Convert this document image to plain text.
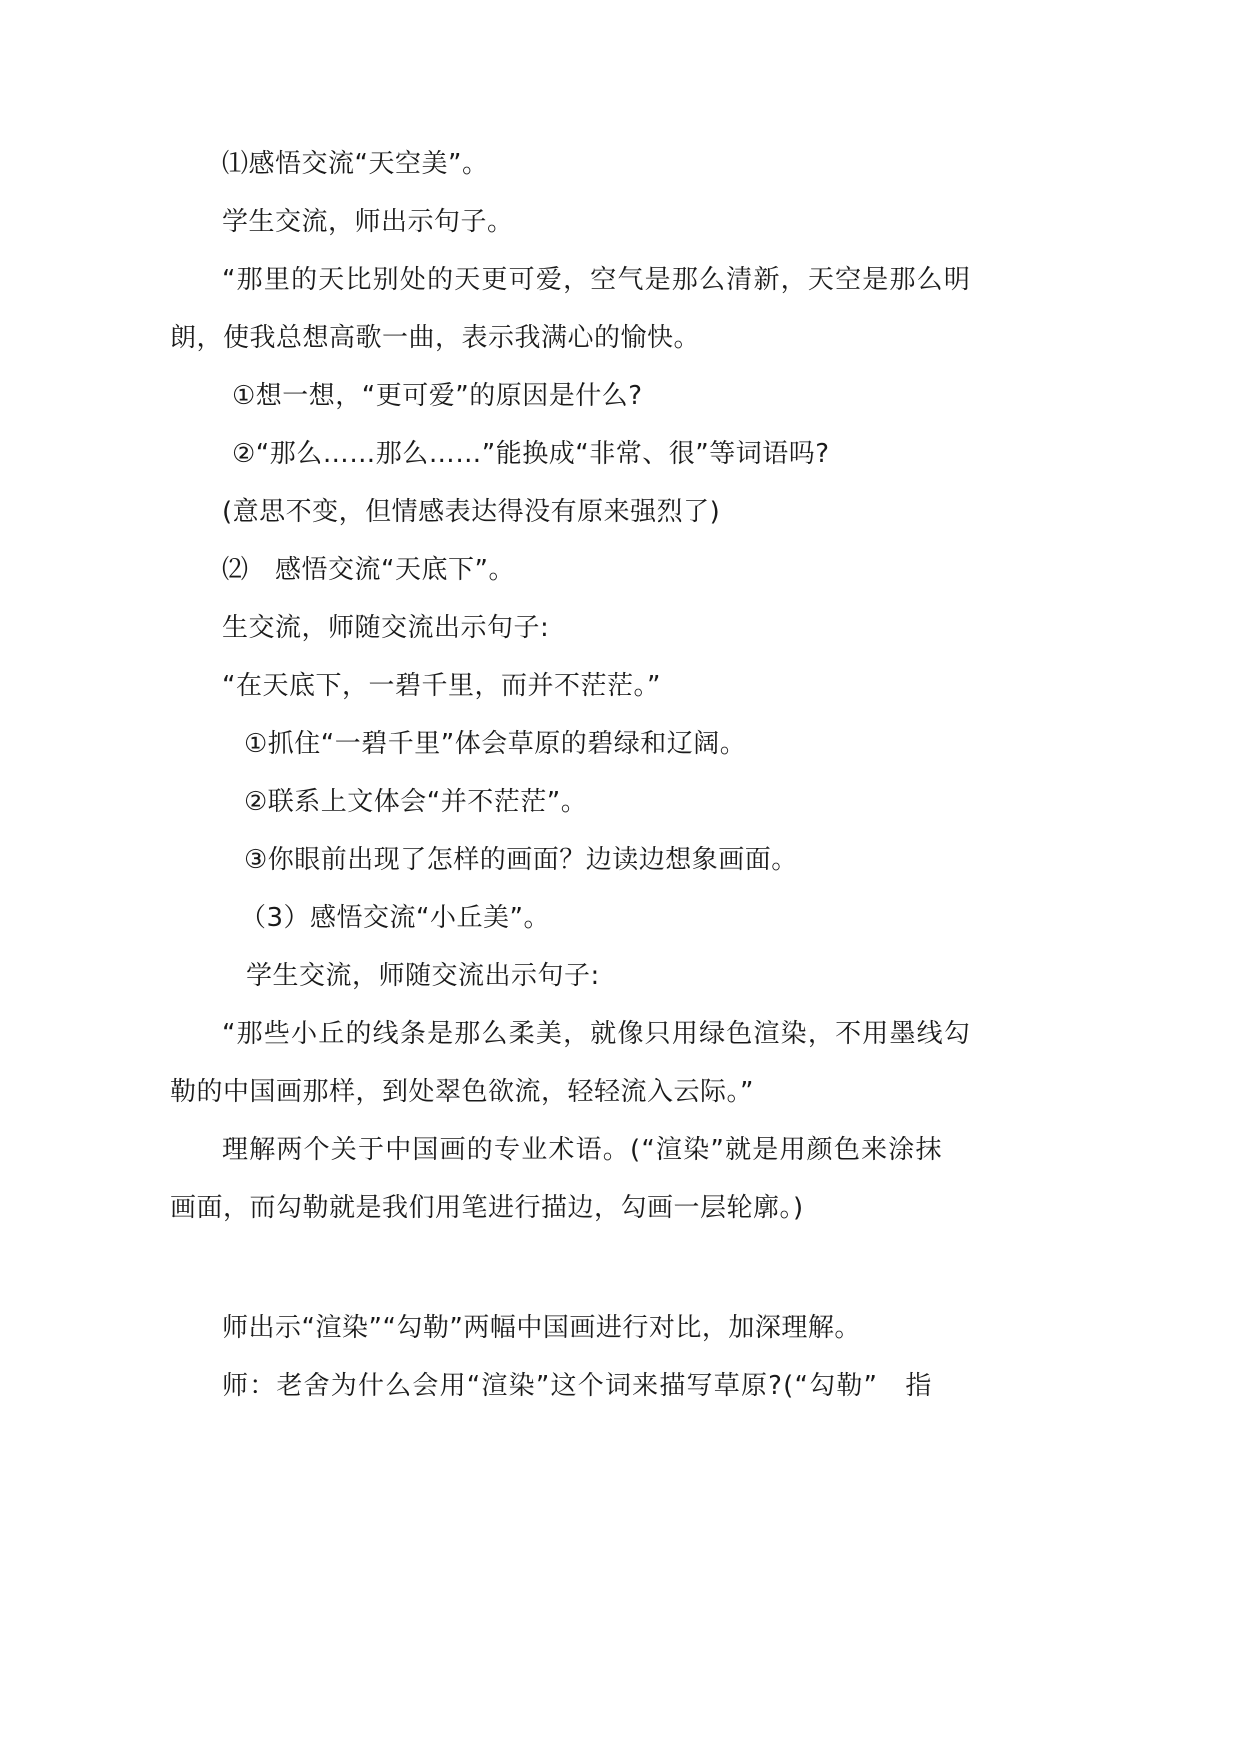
⑴感悟交流“天空美”。
学生交流，师出示句子。
“那里的天比别处的天更可爱，空气是那么清新，天空是那么明
朗，使我总想高歌一曲，表示我满心的愉快。
①想一想，“更可爱”的原因是什么?
②“那么……那么……”能换成“非常、很”等词语吗?
(意思不变，但情感表达得没有原来强烈了)
⑵　感悟交流“天底下”。
生交流，师随交流出示句子:
“在天底下，一碧千里，而并不茫茫。”
①抓住“一碧千里”体会草原的碧绿和辽阔。
②联系上文体会“并不茫茫”。
③你眼前出现了怎样的画面？边读边想象画面。
（3）感悟交流“小丘美”。
学生交流，师随交流出示句子:
“那些小丘的线条是那么柔美，就像只用绿色渲染，不用墨线勾
勒的中国画那样，到处翠色欲流，轻轻流入云际。”
理解两个关于中国画的专业术语。(“渲染”就是用颜色来涂抹
画面，而勾勒就是我们用笔进行描边，勾画一层轮廓。)
师出示“渲染”“勾勒”两幅中国画进行对比，加深理解。
师：老舍为什么会用“渲染”这个词来描写草原?(“勾勒”　指
